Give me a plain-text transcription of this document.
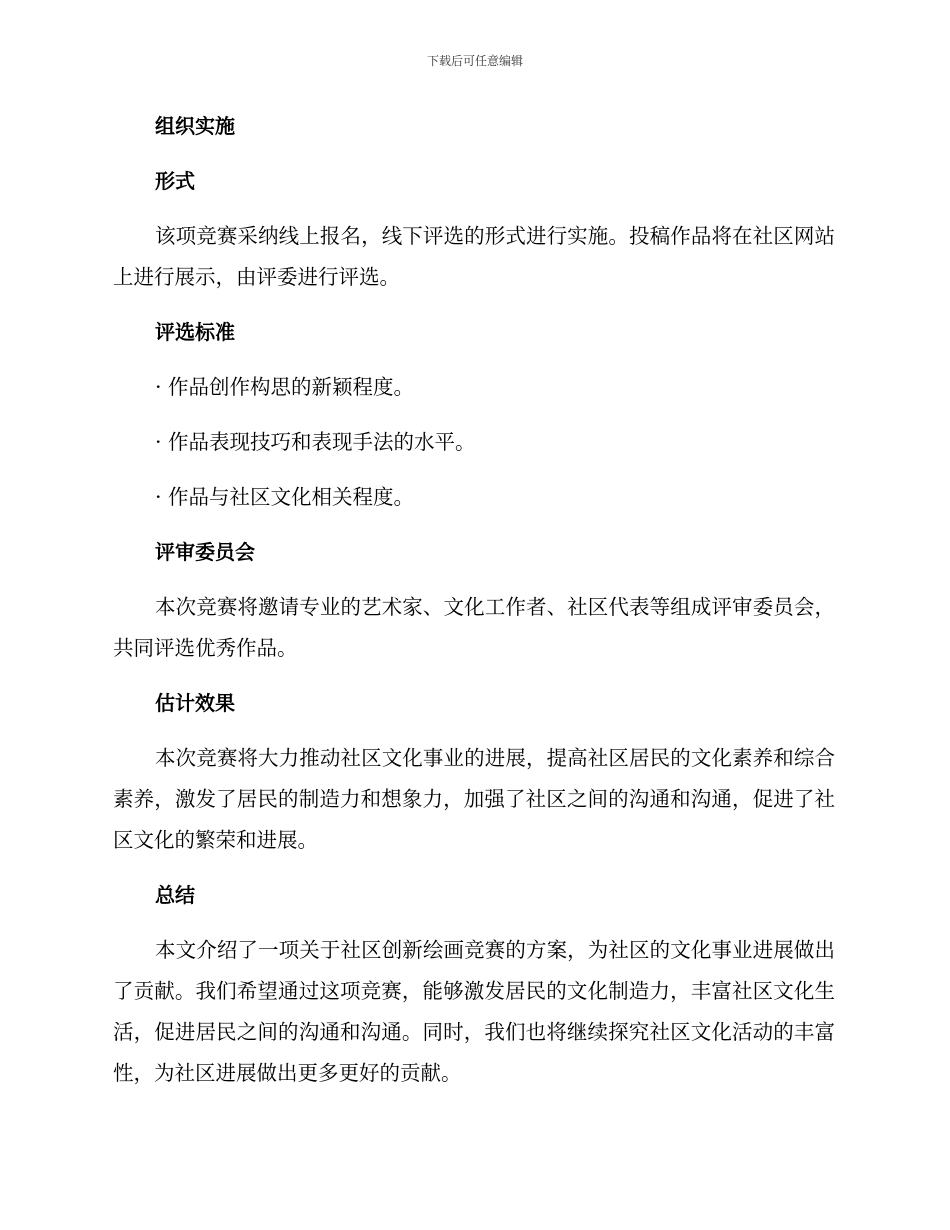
下载后可任意编辑
组织实施
形式

该项竞赛采纳线上报名，线下评选的形式进行实施。投稿作品将在社区网站上进行展示，由评委进行评选。

评选标准

· 作品创作构思的新颖程度。

· 作品表现技巧和表现手法的水平。

· 作品与社区文化相关程度。

评审委员会

本次竞赛将邀请专业的艺术家、文化工作者、社区代表等组成评审委员会，共同评选优秀作品。

估计效果

本次竞赛将大力推动社区文化事业的进展，提高社区居民的文化素养和综合素养，激发了居民的制造力和想象力，加强了社区之间的沟通和沟通，促进了社区文化的繁荣和进展。

总结

本文介绍了一项关于社区创新绘画竞赛的方案，为社区的文化事业进展做出了贡献。我们希望通过这项竞赛，能够激发居民的文化制造力，丰富社区文化生活，促进居民之间的沟通和沟通。同时，我们也将继续探究社区文化活动的丰富性，为社区进展做出更多更好的贡献。
